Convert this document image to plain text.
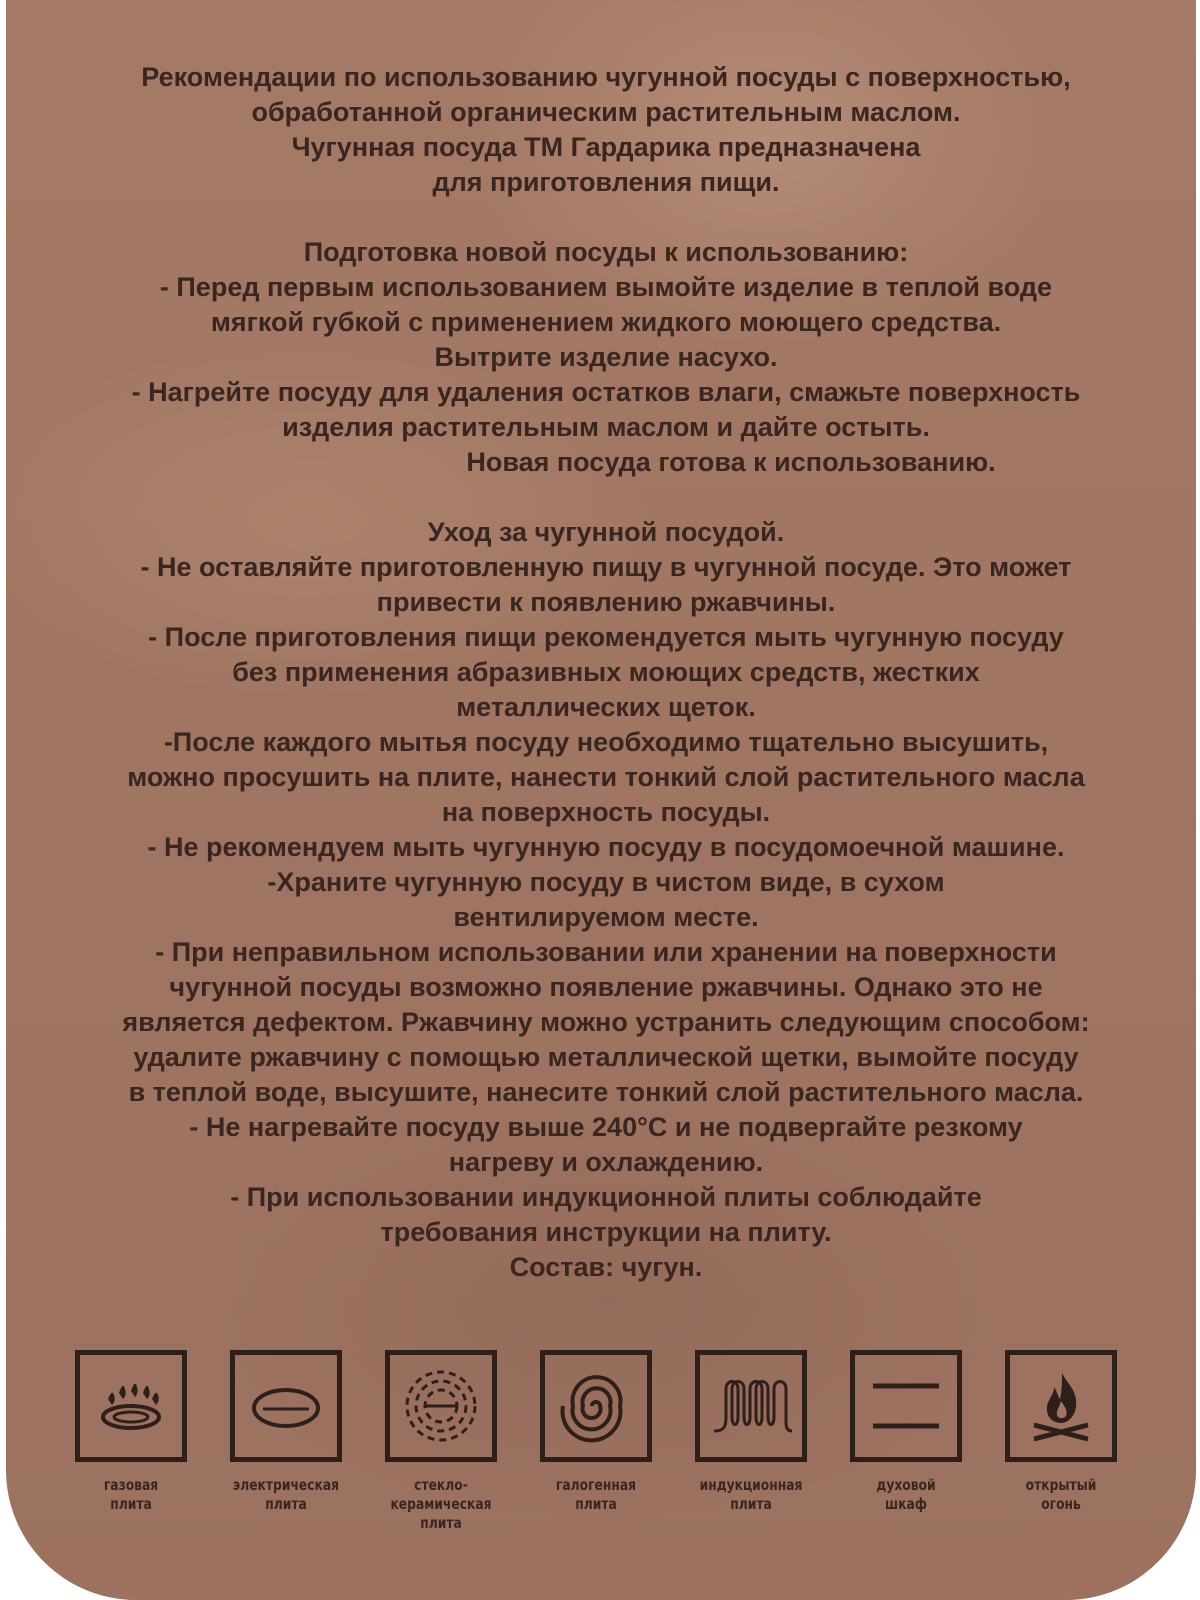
Рекомендации по использованию чугунной посуды с поверхностью,
обработанной органическим растительным маслом.
Чугунная посуда ТМ Гардарика предназначена
для приготовления пищи.
Подготовка новой посуды к использованию:
- Перед первым использованием вымойте изделие в теплой воде
мягкой губкой с применением жидкого моющего средства.
Вытрите изделие насухо.
- Нагрейте посуду для удаления остатков влаги, смажьте поверхность
изделия растительным маслом и дайте остыть.
Новая посуда готова к использованию.
Уход за чугунной посудой.
- Не оставляйте приготовленную пищу в чугунной посуде. Это может
привести к появлению ржавчины.
- После приготовления пищи рекомендуется мыть чугунную посуду
без применения абразивных моющих средств, жестких
металлических щеток.
-После каждого мытья посуду необходимо тщательно высушить,
можно просушить на плите, нанести тонкий слой растительного масла
на поверхность посуды.
- Не рекомендуем мыть чугунную посуду в посудомоечной машине.
-Храните чугунную посуду в чистом виде, в сухом
вентилируемом месте.
- При неправильном использовании или хранении на поверхности
чугунной посуды возможно появление ржавчины. Однако это не
является дефектом. Ржавчину можно устранить следующим способом:
удалите ржавчину с помощью металлической щетки, вымойте посуду
в теплой воде, высушите, нанесите тонкий слой растительного масла.
- Не нагревайте посуду выше 240°С и не подвергайте резкому
нагреву и охлаждению.
- При использовании индукционной плиты соблюдайте
требования инструкции на плиту.
Состав: чугун.
газовая
плита
электрическая
плита
стекло-
керамическая
плита
галогенная
плита
индукционная
плита
духовой
шкаф
открытый
огонь
